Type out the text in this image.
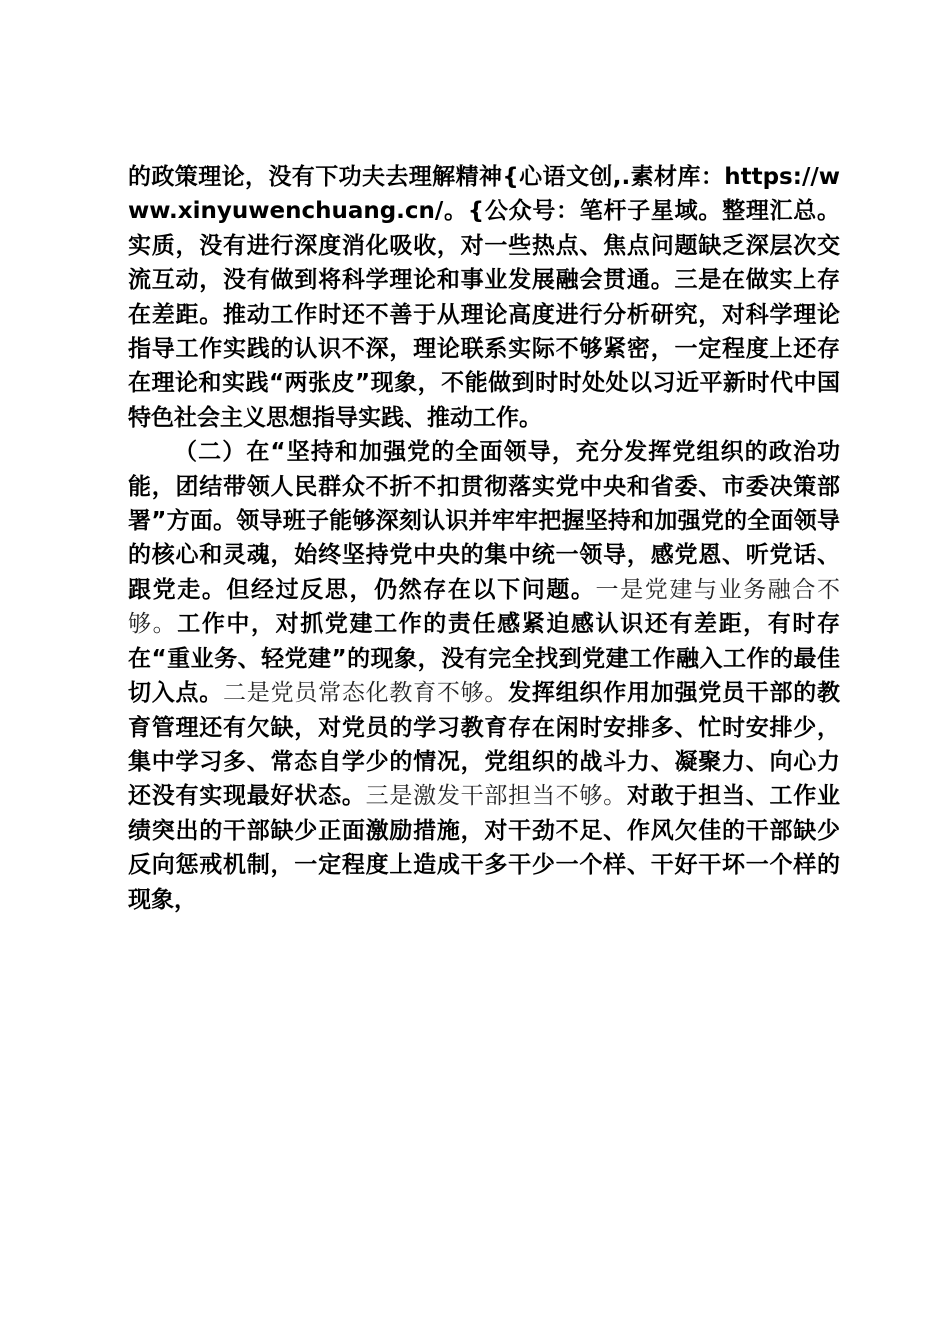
的政策理论，没有下功夫去理解精神{心语文创,.素材库：https://www.xinyuwenchuang.cn/。{公众号：笔杆子星域。整理汇总。实质，没有进行深度消化吸收，对一些热点、焦点问题缺乏深层次交流互动，没有做到将科学理论和事业发展融会贯通。三是在做实上存在差距。推动工作时还不善于从理论高度进行分析研究，对科学理论指导工作实践的认识不深，理论联系实际不够紧密，一定程度上还存在理论和实践“两张皮”现象，不能做到时时处处以习近平新时代中国特色社会主义思想指导实践、推动工作。

（二）在“坚持和加强党的全面领导，充分发挥党组织的政治功能，团结带领人民群众不折不扣贯彻落实党中央和省委、市委决策部署”方面。领导班子能够深刻认识并牢牢把握坚持和加强党的全面领导的核心和灵魂，始终坚持党中央的集中统一领导，感党恩、听党话、跟党走。但经过反思，仍然存在以下问题。一是党建与业务融合不够。工作中，对抓党建工作的责任感紧迫感认识还有差距，有时存在“重业务、轻党建”的现象，没有完全找到党建工作融入工作的最佳切入点。二是党员常态化教育不够。发挥组织作用加强党员干部的教育管理还有欠缺，对党员的学习教育存在闲时安排多、忙时安排少，集中学习多、常态自学少的情况，党组织的战斗力、凝聚力、向心力还没有实现最好状态。三是激发干部担当不够。对敢于担当、工作业绩突出的干部缺少正面激励措施，对干劲不足、作风欠佳的干部缺少反向惩戒机制，一定程度上造成干多干少一个样、干好干坏一个样的现象，
